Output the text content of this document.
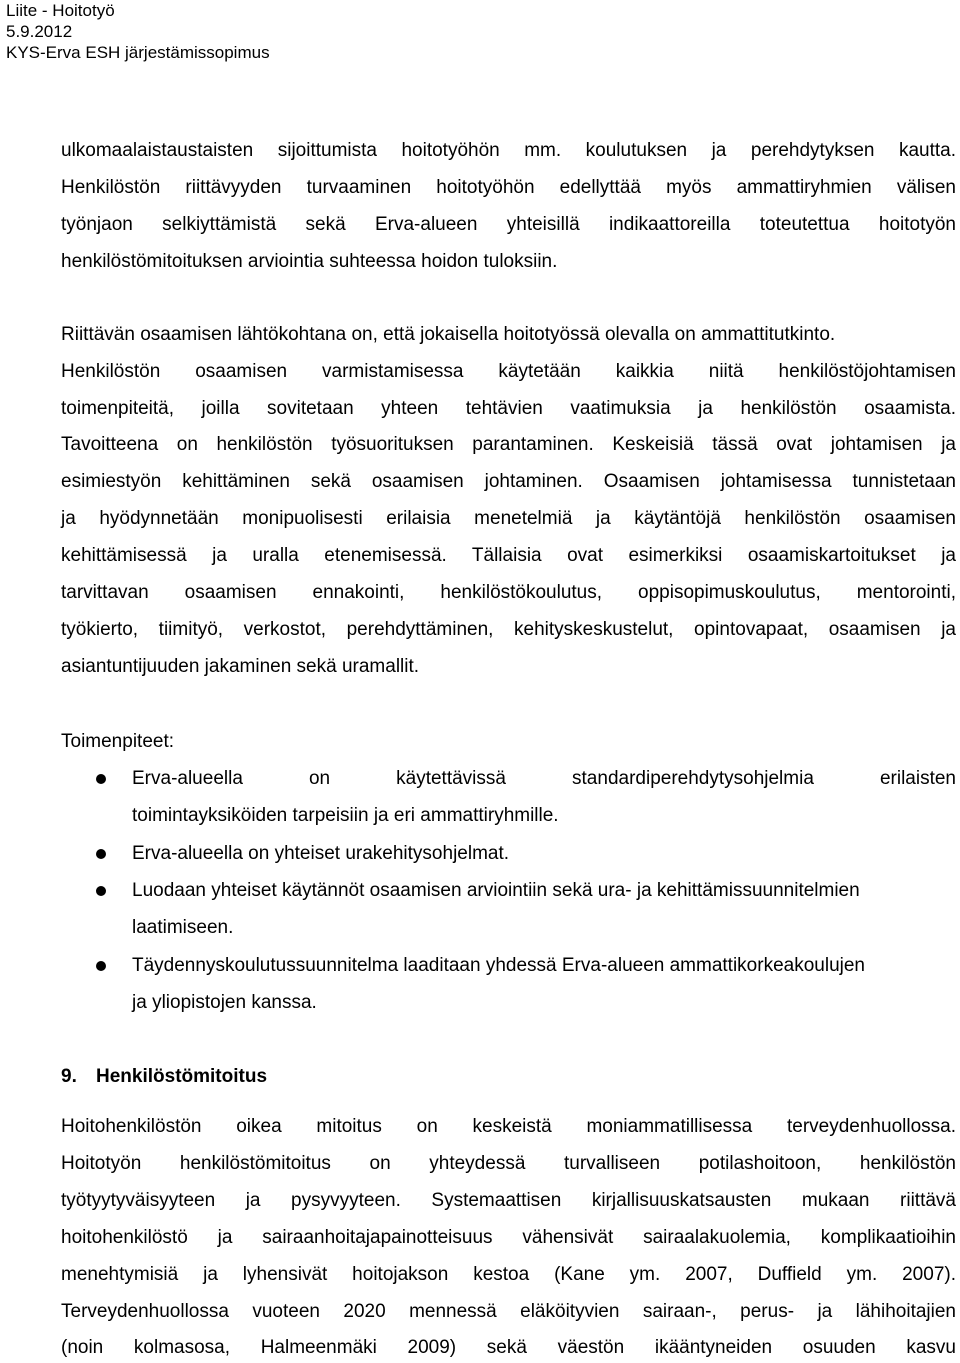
Liite - Hoitotyö
5.9.2012
KYS-Erva ESH järjestämissopimus
ulkomaalaistaustaisten sijoittumista hoitotyöhön mm. koulutuksen ja perehdytyksen kautta.
Henkilöstön riittävyyden turvaaminen hoitotyöhön edellyttää myös ammattiryhmien välisen
työnjaon selkiyttämistä sekä Erva-alueen yhteisillä indikaattoreilla toteutettua hoitotyön
henkilöstömitoituksen arviointia suhteessa hoidon tuloksiin.
Riittävän osaamisen lähtökohtana on, että jokaisella hoitotyössä olevalla on ammattitutkinto.
Henkilöstön osaamisen varmistamisessa käytetään kaikkia niitä henkilöstöjohtamisen
toimenpiteitä, joilla sovitetaan yhteen tehtävien vaatimuksia ja henkilöstön osaamista.
Tavoitteena on henkilöstön työsuorituksen parantaminen. Keskeisiä tässä ovat johtamisen ja
esimiestyön kehittäminen sekä osaamisen johtaminen. Osaamisen johtamisessa tunnistetaan
ja hyödynnetään monipuolisesti erilaisia menetelmiä ja käytäntöjä henkilöstön osaamisen
kehittämisessä ja uralla etenemisessä. Tällaisia ovat esimerkiksi osaamiskartoitukset ja
tarvittavan osaamisen ennakointi, henkilöstökoulutus, oppisopimuskoulutus, mentorointi,
työkierto, tiimityö, verkostot, perehdyttäminen, kehityskeskustelut, opintovapaat, osaamisen ja
asiantuntijuuden jakaminen sekä uramallit.
Toimenpiteet:
Erva-alueella on käytettävissä standardiperehdytysohjelmia erilaisten
toimintayksiköiden tarpeisiin ja eri ammattiryhmille.
Erva-alueella on yhteiset urakehitysohjelmat.
Luodaan yhteiset käytännöt osaamisen arviointiin sekä ura- ja kehittämissuunnitelmien
laatimiseen.
Täydennyskoulutussuunnitelma laaditaan yhdessä Erva-alueen ammattikorkeakoulujen
ja yliopistojen kanssa.
9. Henkilöstömitoitus
Hoitohenkilöstön oikea mitoitus on keskeistä moniammatillisessa terveydenhuollossa.
Hoitotyön henkilöstömitoitus on yhteydessä turvalliseen potilashoitoon, henkilöstön
työtyytyväisyyteen ja pysyvyyteen. Systemaattisen kirjallisuuskatsausten mukaan riittävä
hoitohenkilöstö ja sairaanhoitajapainotteisuus vähensivät sairaalakuolemia, komplikaatioihin
menehtymisiä ja lyhensivät hoitojakson kestoa (Kane ym. 2007, Duffield ym. 2007).
Terveydenhuollossa vuoteen 2020 mennessä eläköityvien sairaan-, perus- ja lähihoitajien
(noin kolmasosa, Halmeenmäki 2009) sekä väestön ikääntyneiden osuuden kasvu
